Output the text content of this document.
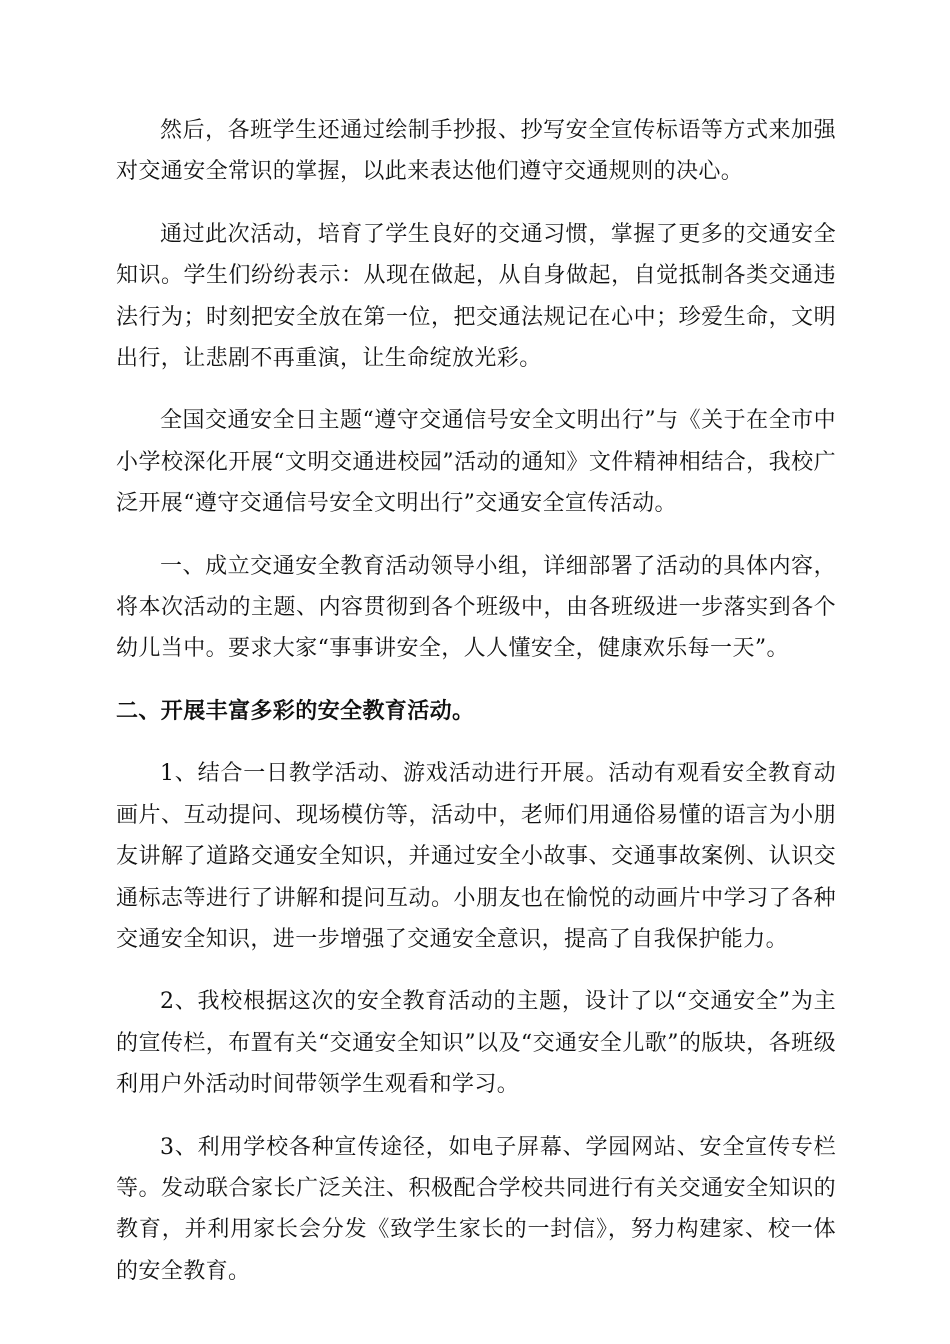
然后，各班学生还通过绘制手抄报、抄写安全宣传标语等方式来加强对交通安全常识的掌握，以此来表达他们遵守交通规则的决心。

通过此次活动，培育了学生良好的交通习惯，掌握了更多的交通安全知识。学生们纷纷表示：从现在做起，从自身做起，自觉抵制各类交通违法行为；时刻把安全放在第一位，把交通法规记在心中；珍爱生命，文明出行，让悲剧不再重演，让生命绽放光彩。

全国交通安全日主题“遵守交通信号安全文明出行”与《关于在全市中小学校深化开展“文明交通进校园”活动的通知》文件精神相结合，我校广泛开展“遵守交通信号安全文明出行”交通安全宣传活动。

一、成立交通安全教育活动领导小组，详细部署了活动的具体内容，将本次活动的主题、内容贯彻到各个班级中，由各班级进一步落实到各个幼儿当中。要求大家“事事讲安全，人人懂安全，健康欢乐每一天”。

二、开展丰富多彩的安全教育活动。

1、结合一日教学活动、游戏活动进行开展。活动有观看安全教育动画片、互动提问、现场模仿等，活动中，老师们用通俗易懂的语言为小朋友讲解了道路交通安全知识，并通过安全小故事、交通事故案例、认识交通标志等进行了讲解和提问互动。小朋友也在愉悦的动画片中学习了各种交通安全知识，进一步增强了交通安全意识，提高了自我保护能力。

2、我校根据这次的安全教育活动的主题，设计了以“交通安全”为主的宣传栏，布置有关“交通安全知识”以及“交通安全儿歌”的版块，各班级利用户外活动时间带领学生观看和学习。

3、利用学校各种宣传途径，如电子屏幕、学园网站、安全宣传专栏等。发动联合家长广泛关注、积极配合学校共同进行有关交通安全知识的教育，并利用家长会分发《致学生家长的一封信》，努力构建家、校一体的安全教育。
